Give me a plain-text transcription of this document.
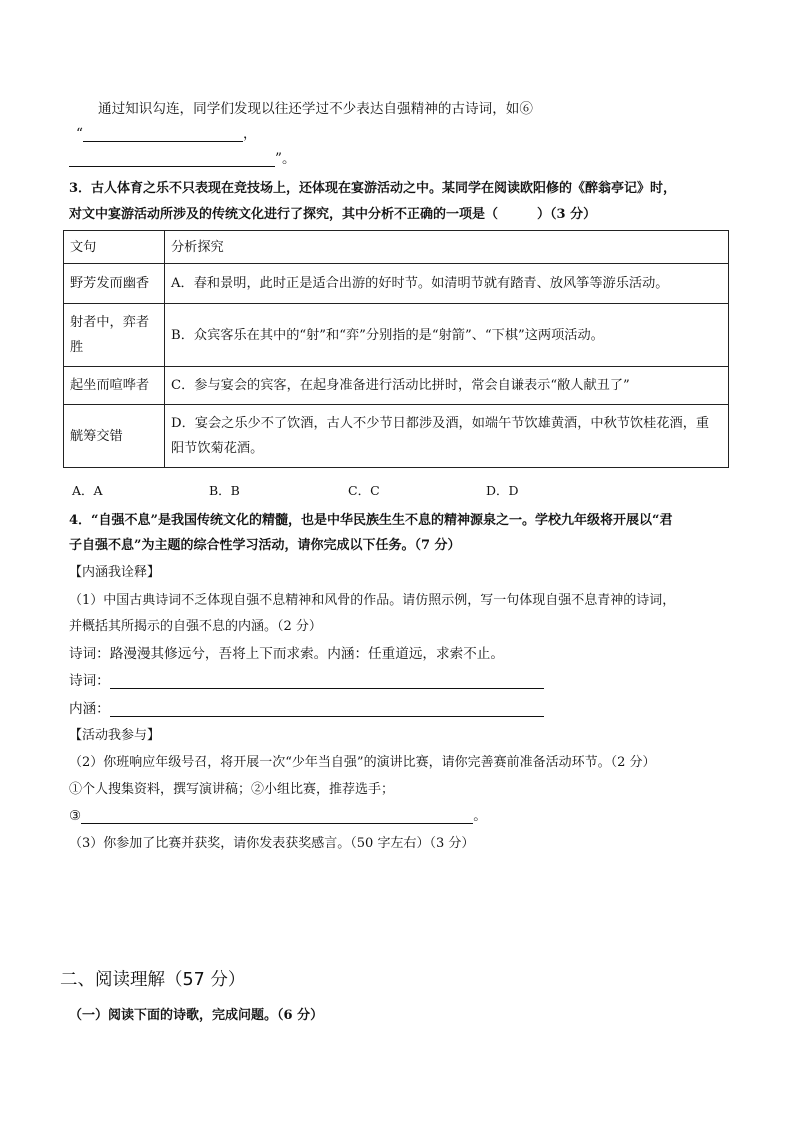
通过知识勾连，同学们发现以往还学过不少表达自强精神的古诗词，如⑥
“	，
”。
3．古人体育之乐不只表现在竞技场上，还体现在宴游活动之中。某同学在阅读欧阳修的《醉翁亭记》时，
对文中宴游活动所涉及的传统文化进行了探究，其中分析不正确的一项是（　　　）（3 分）
文句	分析探究
野芳发而幽香	A．春和景明，此时正是适合出游的好时节。如清明节就有踏青、放风筝等游乐活动。
射者中，弈者胜	B．众宾客乐在其中的“射”和“弈”分别指的是“射箭”、“下棋”这两项活动。
起坐而喧哗者	C．参与宴会的宾客，在起身准备进行活动比拼时，常会自谦表示“敝人献丑了”
觥筹交错	D．宴会之乐少不了饮酒，古人不少节日都涉及酒，如端午节饮雄黄酒，中秋节饮桂花酒，重阳节饮菊花酒。
A．A	B．B	C．C	D．D
4．“自强不息”是我国传统文化的精髓，也是中华民族生生不息的精神源泉之一。学校九年级将开展以“君
子自强不息”为主题的综合性学习活动，请你完成以下任务。（7 分）
【内涵我诠释】
（1）中国古典诗词不乏体现自强不息精神和风骨的作品。请仿照示例，写一句体现自强不息青神的诗词，
并概括其所揭示的自强不息的内涵。（2 分）
诗词：路漫漫其修远兮，吾将上下而求索。内涵：任重道远，求索不止。
诗词：
内涵：
【活动我参与】
（2）你班响应年级号召，将开展一次“少年当自强”的演讲比赛，请你完善赛前准备活动环节。（2 分）
①个人搜集资料，撰写演讲稿；②小组比赛，推荐选手；
③	。
（3）你参加了比赛并获奖，请你发表获奖感言。（50 字左右）（3 分）
二、阅读理解（57 分）
（一）阅读下面的诗歌，完成问题。（6 分）
